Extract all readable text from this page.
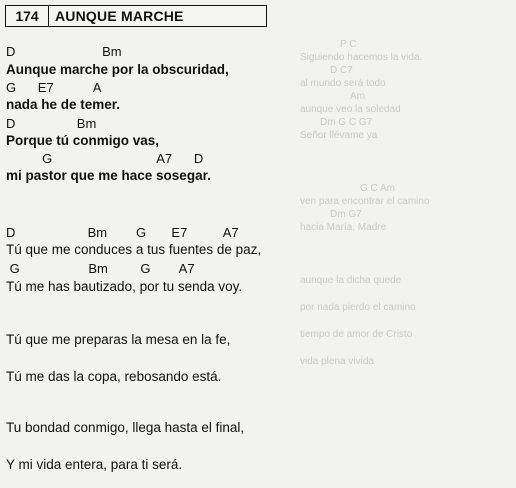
P C
Siguiendo hacemos la vida.
D C7
al mundo será todo
Am
aunque veo la soledad
Dm G C G7
Señor llévame ya
G C Am
ven para encontrar el camino
Dm G7
hacia María, Madre
aunque la dicha quede
por nada pierdo el camino
tiempo de amor de Cristo
vida plena vivida
174	AUNQUE MARCHE
D                        Bm
Aunque marche por la obscuridad,
G      E7           A
nada he de temer.
D                 Bm
Porque tú conmigo vas,
G                             A7      D
mi pastor que me hace sosegar.
D                    Bm        G       E7          A7
Tú que me conduces a tus fuentes de paz,
G                   Bm         G        A7
Tú me has bautizado, por tu senda voy.
Tú que me preparas la mesa en la fe,
Tú me das la copa, rebosando está.
Tu bondad conmigo, llega hasta el final,
Y mi vida entera, para ti será.
